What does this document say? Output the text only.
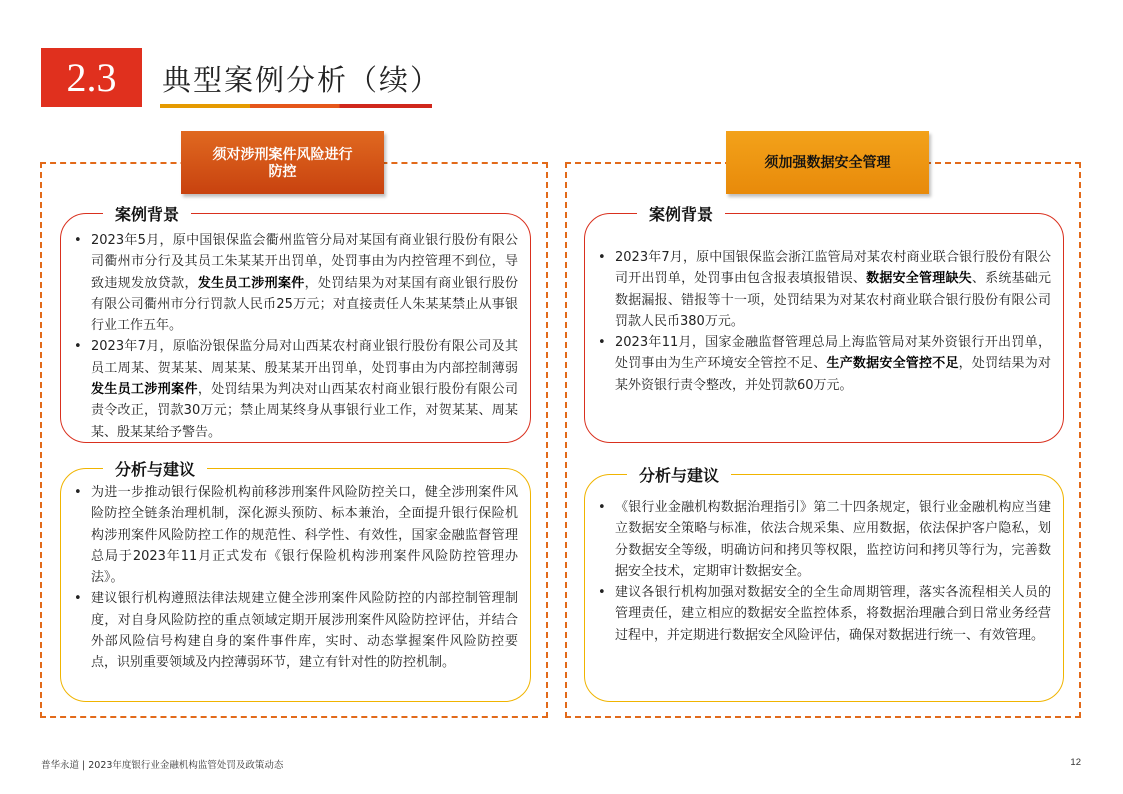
2.3	典型案例分析（续）
须对涉刑案件风险进行防控
案例背景
• 2023年5月，原中国银保监会衢州监管分局对某国有商业银行股份有限公司衢州市分行及其员工朱某某开出罚单，处罚事由为内控管理不到位，导致违规发放贷款，发生员工涉刑案件，处罚结果为对某国有商业银行股份有限公司衢州市分行罚款人民币25万元；对直接责任人朱某某禁止从事银行业工作五年。
• 2023年7月，原临汾银保监分局对山西某农村商业银行股份有限公司及其员工周某、贺某某、周某某、殷某某开出罚单，处罚事由为内部控制薄弱发生员工涉刑案件，处罚结果为判决对山西某农村商业银行股份有限公司责令改正，罚款30万元；禁止周某终身从事银行业工作，对贺某某、周某某、殷某某给予警告。
分析与建议
• 为进一步推动银行保险机构前移涉刑案件风险防控关口，健全涉刑案件风险防控全链条治理机制，深化源头预防、标本兼治，全面提升银行保险机构涉刑案件风险防控工作的规范性、科学性、有效性，国家金融监督管理总局于2023年11月正式发布《银行保险机构涉刑案件风险防控管理办法》。
• 建议银行机构遵照法律法规建立健全涉刑案件风险防控的内部控制管理制度，对自身风险防控的重点领域定期开展涉刑案件风险防控评估，并结合外部风险信号构建自身的案件事件库，实时、动态掌握案件风险防控要点，识别重要领域及内控薄弱环节，建立有针对性的防控机制。
须加强数据安全管理
案例背景
• 2023年7月，原中国银保监会浙江监管局对某农村商业联合银行股份有限公司开出罚单，处罚事由包含报表填报错误、数据安全管理缺失、系统基础元数据漏报、错报等十一项，处罚结果为对某农村商业联合银行股份有限公司罚款人民币380万元。
• 2023年11月，国家金融监督管理总局上海监管局对某外资银行开出罚单，处罚事由为生产环境安全管控不足、生产数据安全管控不足，处罚结果为对某外资银行责令整改，并处罚款60万元。
分析与建议
• 《银行业金融机构数据治理指引》第二十四条规定，银行业金融机构应当建立数据安全策略与标准，依法合规采集、应用数据，依法保护客户隐私，划分数据安全等级，明确访问和拷贝等权限，监控访问和拷贝等行为，完善数据安全技术，定期审计数据安全。
• 建议各银行机构加强对数据安全的全生命周期管理，落实各流程相关人员的管理责任，建立相应的数据安全监控体系，将数据治理融合到日常业务经营过程中，并定期进行数据安全风险评估，确保对数据进行统一、有效管理。
普华永道 | 2023年度银行业金融机构监管处罚及政策动态	12
